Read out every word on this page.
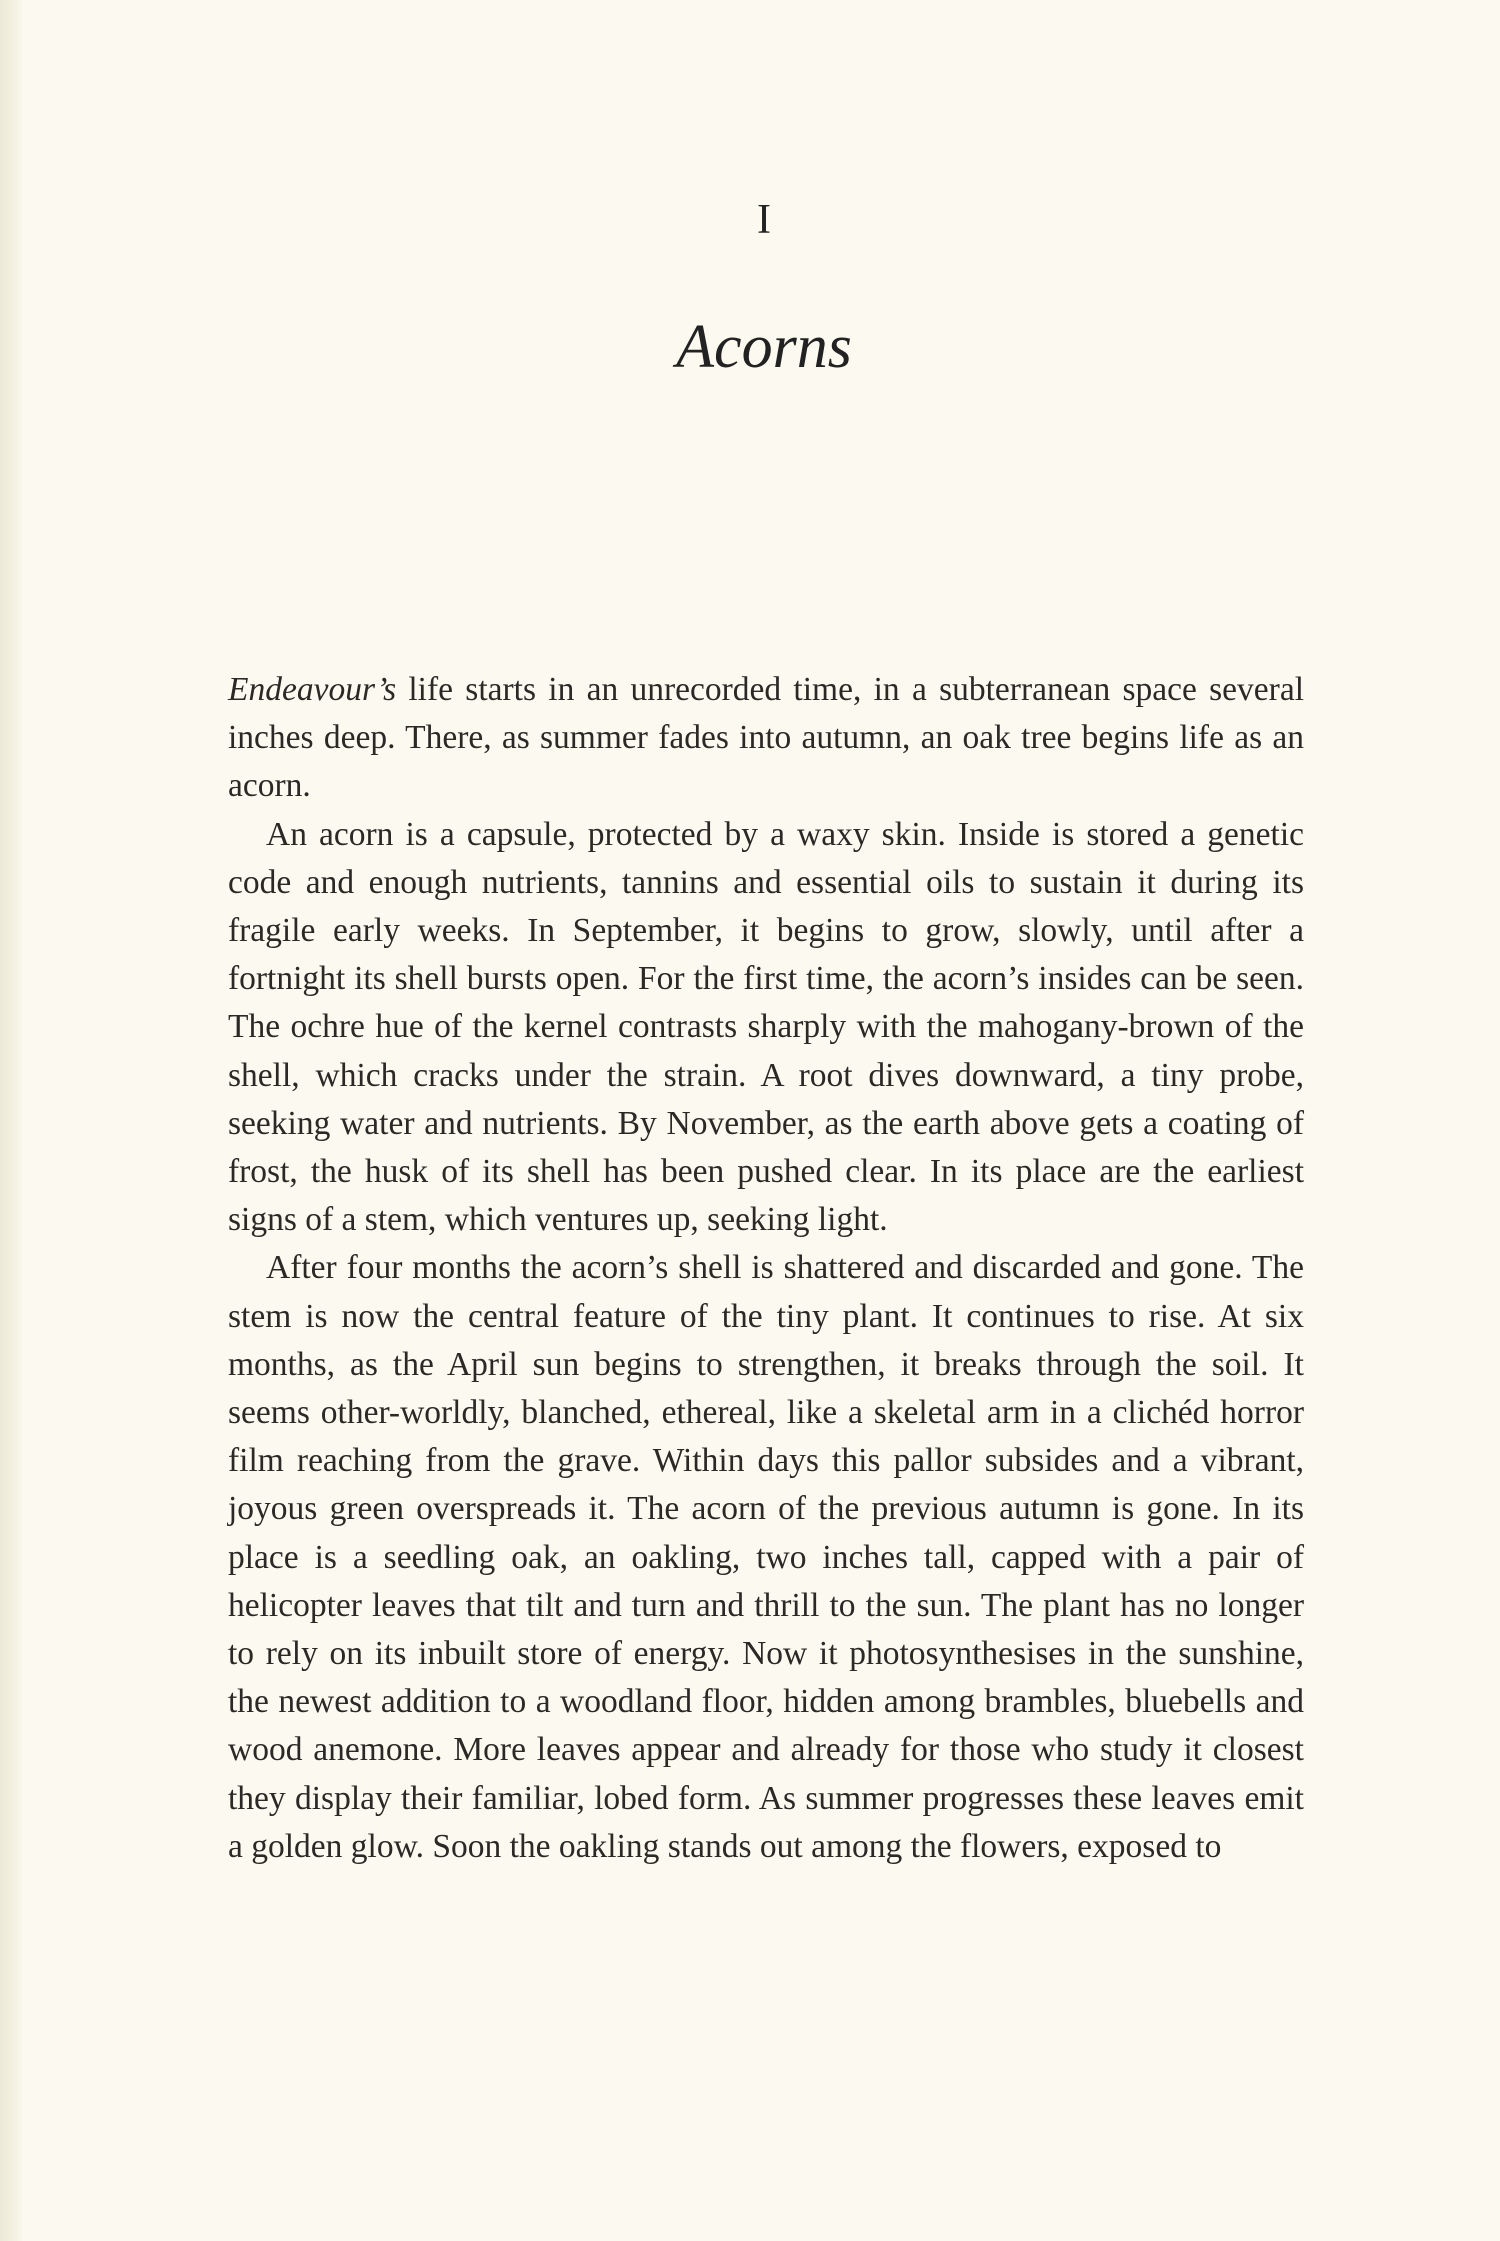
I
Acorns

Endeavour’s life starts in an unrecorded time, in a subterranean space several inches deep. There, as summer fades into autumn, an oak tree begins life as an acorn.

An acorn is a capsule, protected by a waxy skin. Inside is stored a genetic code and enough nutrients, tannins and essential oils to sustain it during its fragile early weeks. In September, it begins to grow, slowly, until after a fortnight its shell bursts open. For the first time, the acorn’s insides can be seen. The ochre hue of the kernel contrasts sharply with the mahogany-brown of the shell, which cracks under the strain. A root dives downward, a tiny probe, seeking water and nutrients. By November, as the earth above gets a coating of frost, the husk of its shell has been pushed clear. In its place are the earliest signs of a stem, which ventures up, seeking light.

After four months the acorn’s shell is shattered and discarded and gone. The stem is now the central feature of the tiny plant. It continues to rise. At six months, as the April sun begins to strengthen, it breaks through the soil. It seems other-worldly, blanched, ethereal, like a skeletal arm in a clichéd horror film reaching from the grave. Within days this pallor subsides and a vibrant, joyous green overspreads it. The acorn of the previous autumn is gone. In its place is a seedling oak, an oakling, two inches tall, capped with a pair of helicopter leaves that tilt and turn and thrill to the sun. The plant has no longer to rely on its inbuilt store of energy. Now it photosynthesises in the sunshine, the newest addition to a woodland floor, hidden among brambles, bluebells and wood anemone. More leaves appear and already for those who study it closest they display their familiar, lobed form. As summer progresses these leaves emit a golden glow. Soon the oakling stands out among the flowers, exposed to
